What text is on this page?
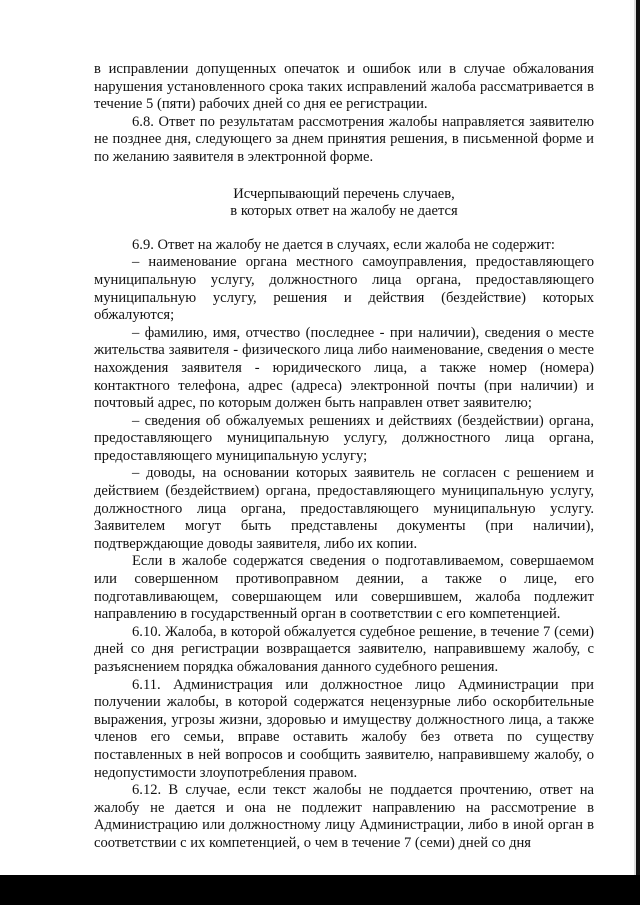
в исправлении допущенных опечаток и ошибок или в случае обжалования нарушения установленного срока таких исправлений жалоба рассматривается в течение 5 (пяти) рабочих дней со дня ее регистрации.

6.8. Ответ по результатам рассмотрения жалобы направляется заявителю не позднее дня, следующего за днем принятия решения, в письменной форме и по желанию заявителя в электронной форме.

Исчерпывающий перечень случаев,
в которых ответ на жалобу не дается

6.9. Ответ на жалобу не дается в случаях, если жалоба не содержит:

– наименование органа местного самоуправления, предоставляющего муниципальную услугу, должностного лица органа, предоставляющего муниципальную услугу, решения и действия (бездействие) которых обжалуются;

– фамилию, имя, отчество (последнее - при наличии), сведения о месте жительства заявителя - физического лица либо наименование, сведения о месте нахождения заявителя - юридического лица, а также номер (номера) контактного телефона, адрес (адреса) электронной почты (при наличии) и почтовый адрес, по которым должен быть направлен ответ заявителю;

– сведения об обжалуемых решениях и действиях (бездействии) органа, предоставляющего муниципальную услугу, должностного лица органа, предоставляющего муниципальную услугу;

– доводы, на основании которых заявитель не согласен с решением и действием (бездействием) органа, предоставляющего муниципальную услугу, должностного лица органа, предоставляющего муниципальную услугу. Заявителем могут быть представлены документы (при наличии), подтверждающие доводы заявителя, либо их копии.

Если в жалобе содержатся сведения о подготавливаемом, совершаемом или совершенном противоправном деянии, а также о лице, его подготавливающем, совершающем или совершившем, жалоба подлежит направлению в государственный орган в соответствии с его компетенцией.

6.10. Жалоба, в которой обжалуется судебное решение, в течение 7 (семи) дней со дня регистрации возвращается заявителю, направившему жалобу, с разъяснением порядка обжалования данного судебного решения.

6.11. Администрация или должностное лицо Администрации при получении жалобы, в которой содержатся нецензурные либо оскорбительные выражения, угрозы жизни, здоровью и имуществу должностного лица, а также членов его семьи, вправе оставить жалобу без ответа по существу поставленных в ней вопросов и сообщить заявителю, направившему жалобу, о недопустимости злоупотребления правом.

6.12. В случае, если текст жалобы не поддается прочтению, ответ на жалобу не дается и она не подлежит направлению на рассмотрение в Администрацию или должностному лицу Администрации, либо в иной орган в соответствии с их компетенцией, о чем в течение 7 (семи) дней со дня
